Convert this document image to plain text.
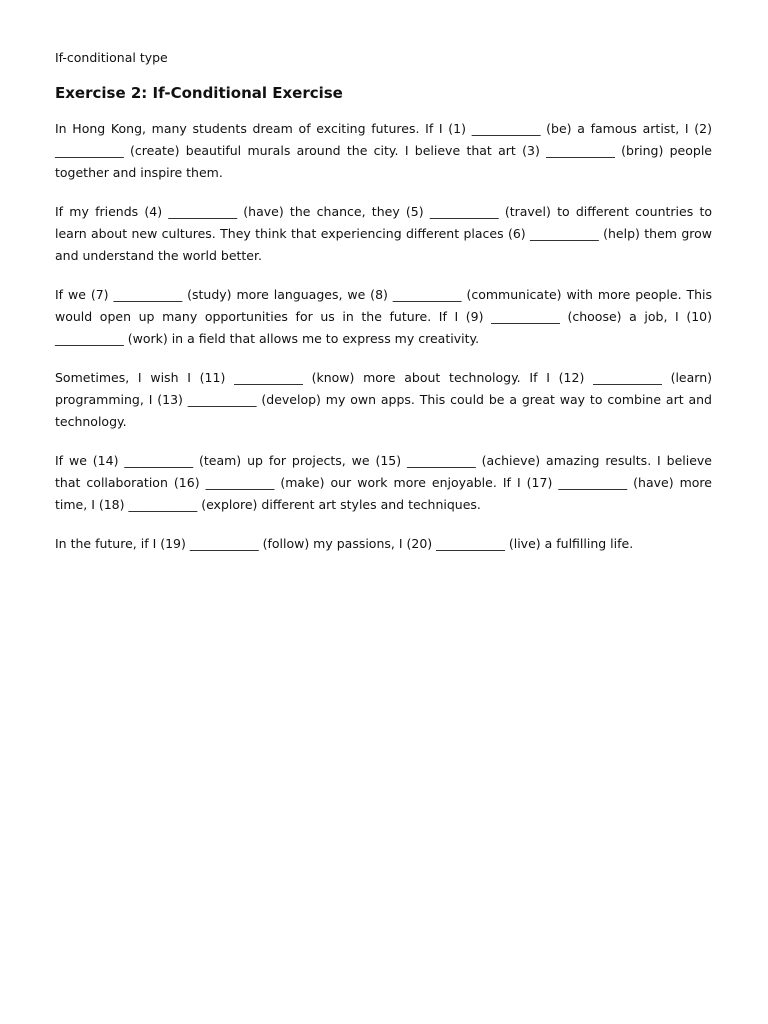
If-conditional type
Exercise 2: If-Conditional Exercise

In Hong Kong, many students dream of exciting futures. If I (1) ___________ (be) a famous artist, I (2) ___________ (create) beautiful murals around the city. I believe that art (3) ___________ (bring) people together and inspire them.

If my friends (4) ___________ (have) the chance, they (5) ___________ (travel) to different countries to learn about new cultures. They think that experiencing different places (6) ___________ (help) them grow and understand the world better.

If we (7) ___________ (study) more languages, we (8) ___________ (communicate) with more people. This would open up many opportunities for us in the future. If I (9) ___________ (choose) a job, I (10) ___________ (work) in a field that allows me to express my creativity.

Sometimes, I wish I (11) ___________ (know) more about technology. If I (12) ___________ (learn) programming, I (13) ___________ (develop) my own apps. This could be a great way to combine art and technology.

If we (14) ___________ (team) up for projects, we (15) ___________ (achieve) amazing results. I believe that collaboration (16) ___________ (make) our work more enjoyable. If I (17) ___________ (have) more time, I (18) ___________ (explore) different art styles and techniques.

In the future, if I (19) ___________ (follow) my passions, I (20) ___________ (live) a fulfilling life.
